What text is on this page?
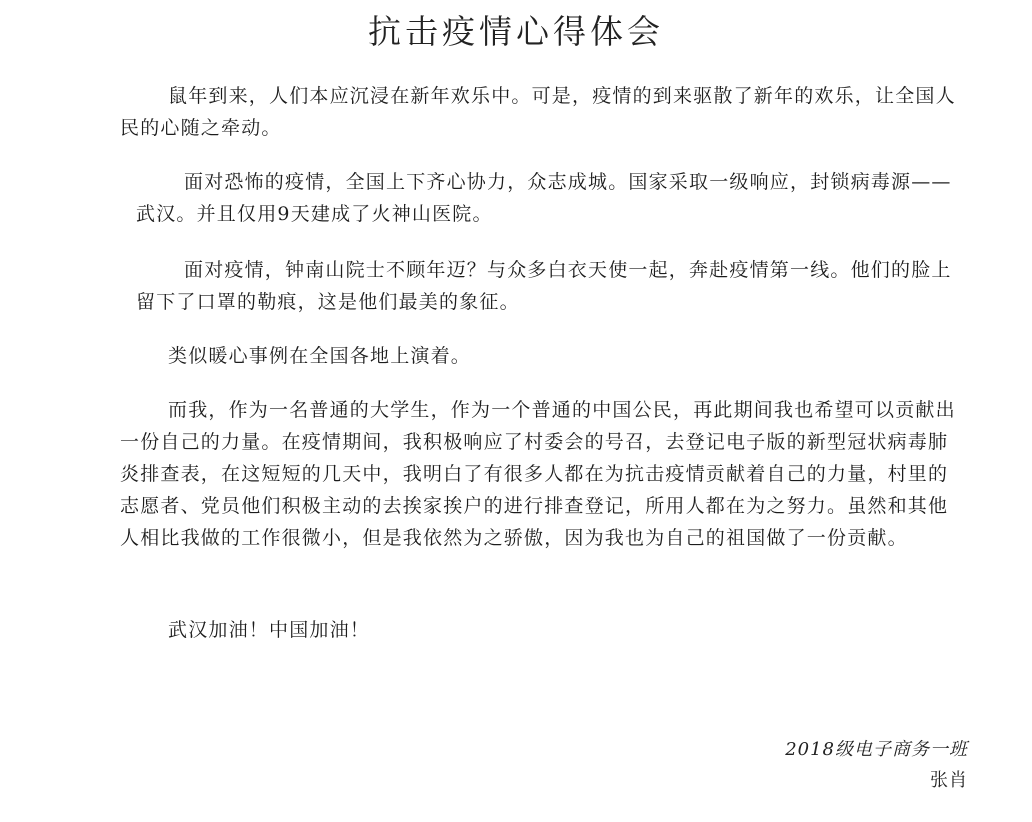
抗击疫情心得体会

鼠年到来，人们本应沉浸在新年欢乐中。可是，疫情的到来驱散了新年的欢乐，让全国人民的心随之牵动。

面对恐怖的疫情，全国上下齐心协力，众志成城。国家采取一级响应，封锁病毒源——武汉。并且仅用9天建成了火神山医院。

面对疫情，钟南山院士不顾年迈？与众多白衣天使一起，奔赴疫情第一线。他们的脸上留下了口罩的勒痕，这是他们最美的象征。

类似暖心事例在全国各地上演着。

而我，作为一名普通的大学生，作为一个普通的中国公民，再此期间我也希望可以贡献出一份自己的力量。在疫情期间，我积极响应了村委会的号召，去登记电子版的新型冠状病毒肺炎排查表，在这短短的几天中，我明白了有很多人都在为抗击疫情贡献着自己的力量，村里的志愿者、党员他们积极主动的去挨家挨户的进行排查登记，所用人都在为之努力。虽然和其他人相比我做的工作很微小，但是我依然为之骄傲，因为我也为自己的祖国做了一份贡献。

武汉加油！中国加油！

2018级电子商务一班
张肖
